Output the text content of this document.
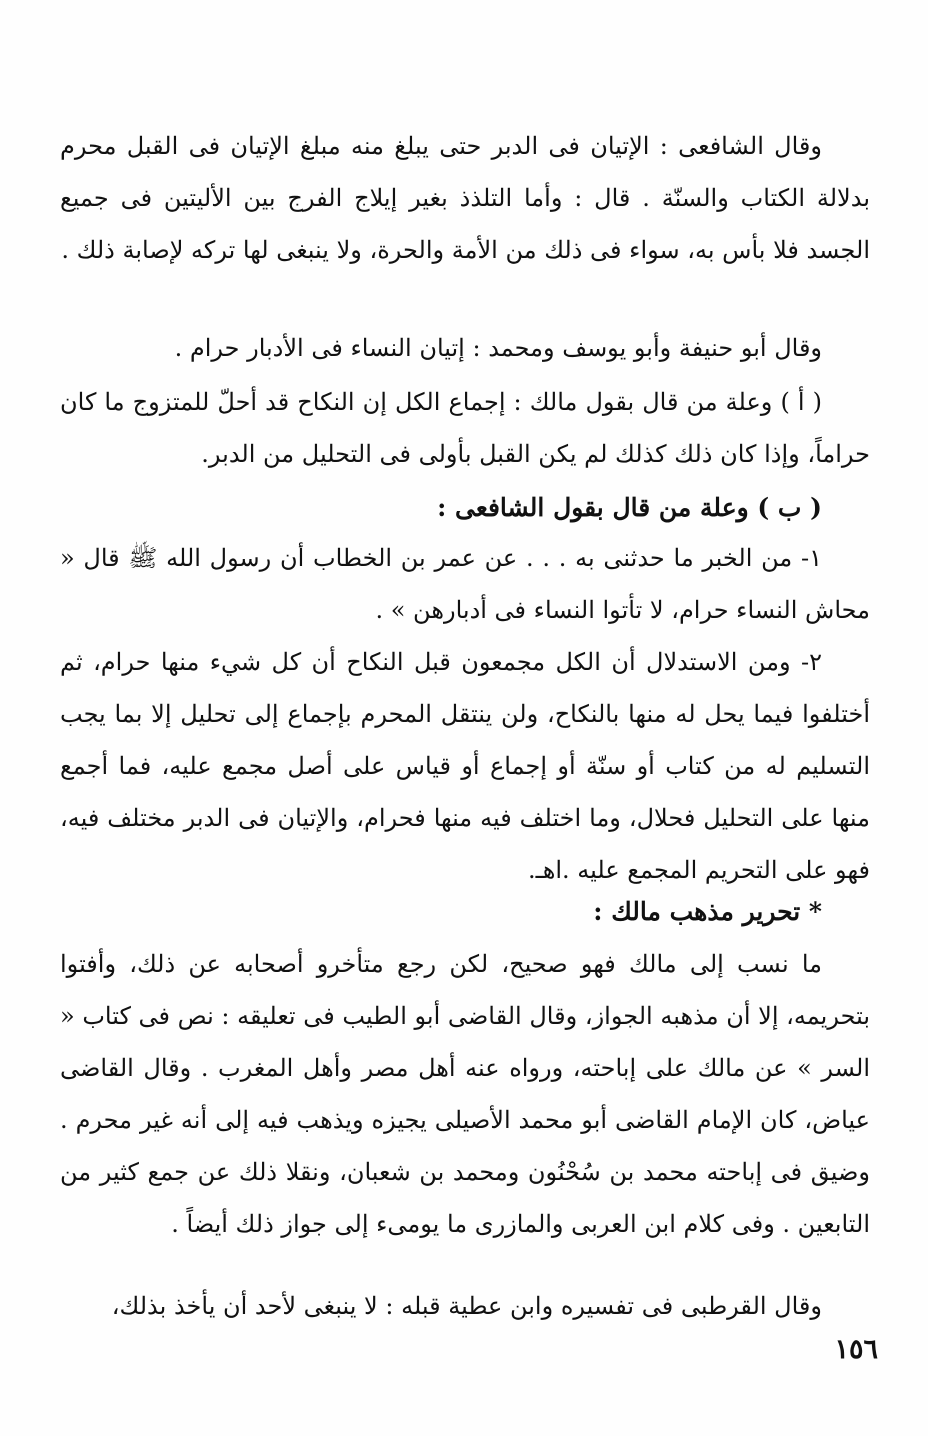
وقال الشافعى : الإتيان فى الدبر حتى يبلغ منه مبلغ الإتيان فى القبل محرم بدلالة الكتاب والسنّة . قال : وأما التلذذ بغير إيلاج الفرج بين الأليتين فى جميع الجسد فلا بأس به، سواء فى ذلك من الأمة والحرة، ولا ينبغى لها تركه لإصابة ذلك .

وقال أبو حنيفة وأبو يوسف ومحمد : إتيان النساء فى الأدبار حرام .

( أ ) وعلة من قال بقول مالك : إجماع الكل إن النكاح قد أحلّ للمتزوج ما كان حراماً، وإذا كان ذلك كذلك لم يكن القبل بأولى فى التحليل من الدبر.

( ب ) وعلة من قال بقول الشافعى :

١- من الخبر ما حدثنى به . . . عن عمر بن الخطاب أن رسول الله ﷺ قال « محاش النساء حرام، لا تأتوا النساء فى أدبارهن » .

٢- ومن الاستدلال أن الكل مجمعون قبل النكاح أن كل شيء منها حرام، ثم أختلفوا فيما يحل له منها بالنكاح، ولن ينتقل المحرم بإجماع إلى تحليل إلا بما يجب التسليم له من كتاب أو سنّة أو إجماع أو قياس على أصل مجمع عليه، فما أجمع منها على التحليل فحلال، وما اختلف فيه منها فحرام، والإتيان فى الدبر مختلف فيه، فهو على التحريم المجمع عليه .اهـ.

* تحرير مذهب مالك :

ما نسب إلى مالك فهو صحيح، لكن رجع متأخرو أصحابه عن ذلك، وأفتوا بتحريمه، إلا أن مذهبه الجواز، وقال القاضى أبو الطيب فى تعليقه : نص فى كتاب « السر » عن مالك على إباحته، ورواه عنه أهل مصر وأهل المغرب . وقال القاضى عياض، كان الإمام القاضى أبو محمد الأصيلى يجيزه ويذهب فيه إلى أنه غير محرم . وضيق فى إباحته محمد بن سُحْنُون ومحمد بن شعبان، ونقلا ذلك عن جمع كثير من التابعين . وفى كلام ابن العربى والمازرى ما يومىء إلى جواز ذلك أيضاً .

وقال القرطبى فى تفسيره وابن عطية قبله : لا ينبغى لأحد أن يأخذ بذلك،

١٥٦
